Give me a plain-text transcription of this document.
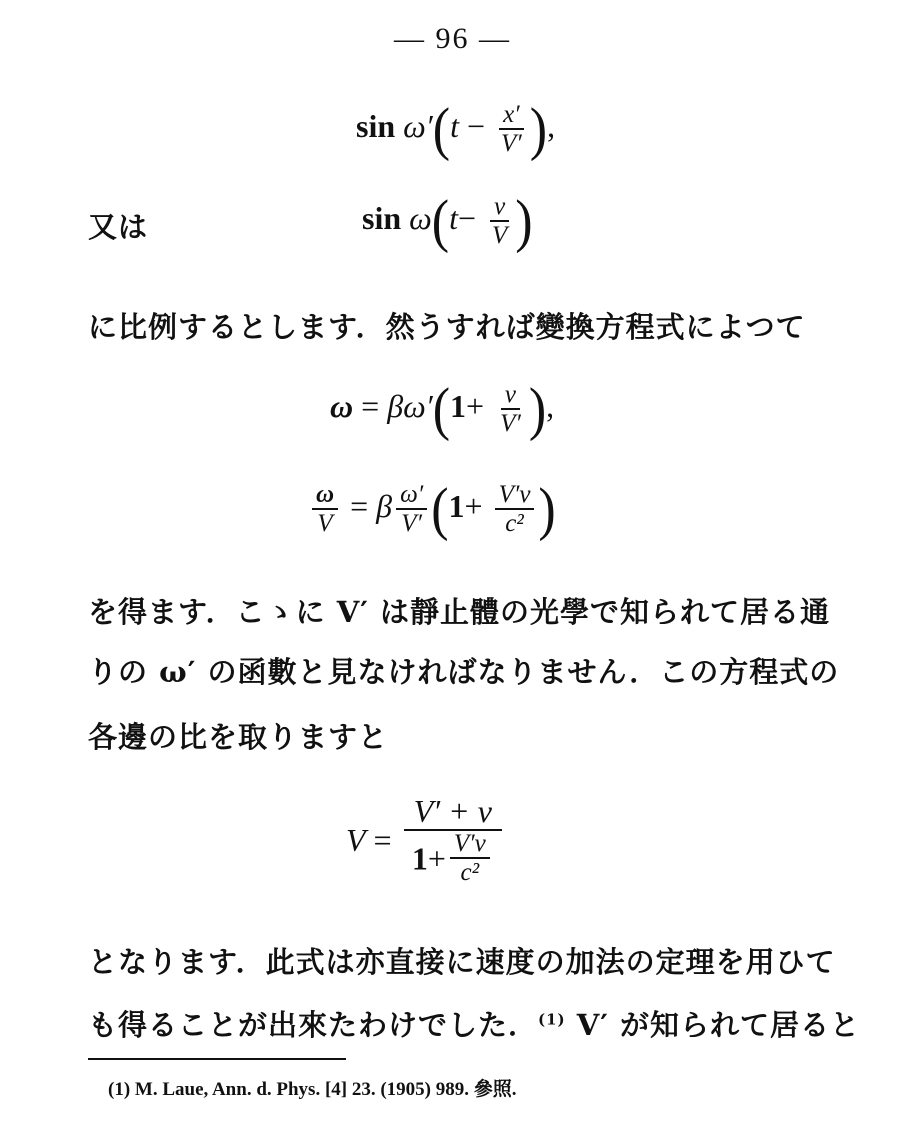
— 96 —
$\sin \omega'(t - \frac{x'}{V'}$ ),
又は	$\sin \omega(t- \frac{v}{V}$ )
に比例するとします．然うすれば變換方程式によつて
$\omega = \beta\omega'(1+ \frac{v}{V'}$ ),
$\frac{\omega}{V} = \beta \frac{\omega'}{V'} (1+ \frac{V'v}{\text{c²}}$ )
を得ます．こゝに V′ は靜止體の光學で知られて居る通
りの ω′ の函數と見なければなりません．この方程式の
各邊の比を取りますと
$V = \frac{V' + v}{1+ \frac{V'v}{\text{c²}}}$
となります．此式は亦直接に速度の加法の定理を用ひて
も得ることが出來たわけでした．$^{(1)}$ V′ が知られて居ると
(1) M. Laue, Ann. d. Phys. [4] 23. (1905) 989. 參照.
